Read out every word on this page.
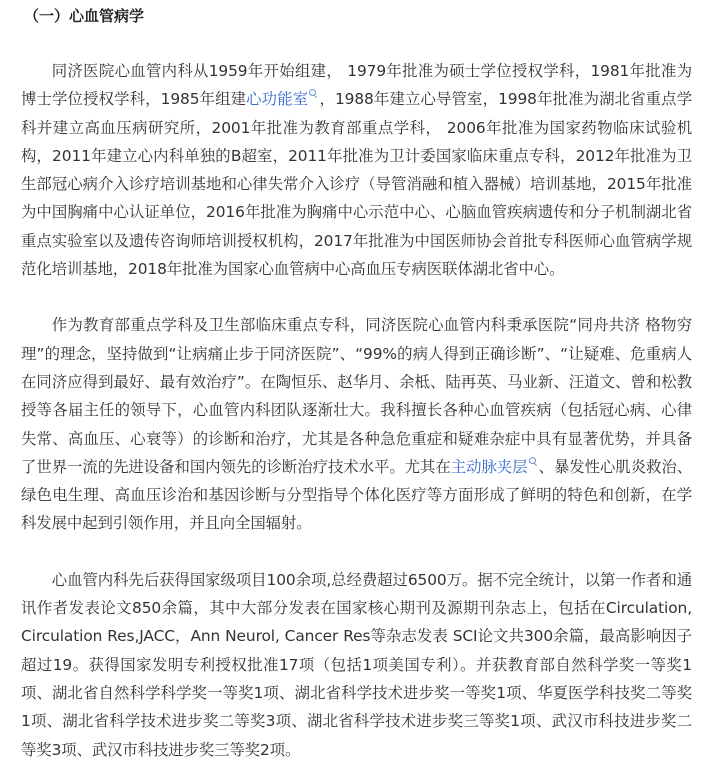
（一）心血管病学

同济医院心血管内科从1959年开始组建， 1979年批准为硕士学位授权学科，1981年批准为博士学位授权学科，1985年组建心功能室 ，1988年建立心导管室，1998年批准为湖北省重点学科并建立高血压病研究所，2001年批准为教育部重点学科， 2006年批准为国家药物临床试验机构，2011年建立心内科单独的B超室，2011年批准为卫计委国家临床重点专科，2012年批准为卫生部冠心病介入诊疗培训基地和心律失常介入诊疗（导管消融和植入器械）培训基地，2015年批准为中国胸痛中心认证单位，2016年批准为胸痛中心示范中心、心脑血管疾病遗传和分子机制湖北省重点实验室以及遗传咨询师培训授权机构，2017年批准为中国医师协会首批专科医师心血管病学规范化培训基地，2018年批准为国家心血管病中心高血压专病医联体湖北省中心。

作为教育部重点学科及卫生部临床重点专科，同济医院心血管内科秉承医院“同舟共济 格物穷理”的理念，坚持做到“让病痛止步于同济医院”、“99%的病人得到正确诊断”、“让疑难、危重病人在同济应得到最好、最有效治疗”。在陶恒乐、赵华月、余柢、陆再英、马业新、汪道文、曾和松教授等各届主任的领导下，心血管内科团队逐渐壮大。我科擅长各种心血管疾病（包括冠心病、心律失常、高血压、心衰等）的诊断和治疗，尤其是各种急危重症和疑难杂症中具有显著优势，并具备了世界一流的先进设备和国内领先的诊断治疗技术水平。尤其在主动脉夹层 、暴发性心肌炎救治、绿色电生理、高血压诊治和基因诊断与分型指导个体化医疗等方面形成了鲜明的特色和创新，在学科发展中起到引领作用，并且向全国辐射。

心血管内科先后获得国家级项目100余项,总经费超过6500万。据不完全统计，以第一作者和通讯作者发表论文850余篇，其中大部分发表在国家核心期刊及源期刊杂志上，包括在Circulation, Circulation Res,JACC，Ann Neurol, Cancer Res等杂志发表 SCI论文共300余篇，最高影响因子超过19。获得国家发明专利授权批准17项（包括1项美国专利）。并获教育部自然科学奖一等奖1项、湖北省自然科学科学奖一等奖1项、湖北省科学技术进步奖一等奖1项、华夏医学科技奖二等奖1项、湖北省科学技术进步奖二等奖3项、湖北省科学技术进步奖三等奖1项、武汉市科技进步奖二等奖3项、武汉市科技进步奖三等奖2项。
